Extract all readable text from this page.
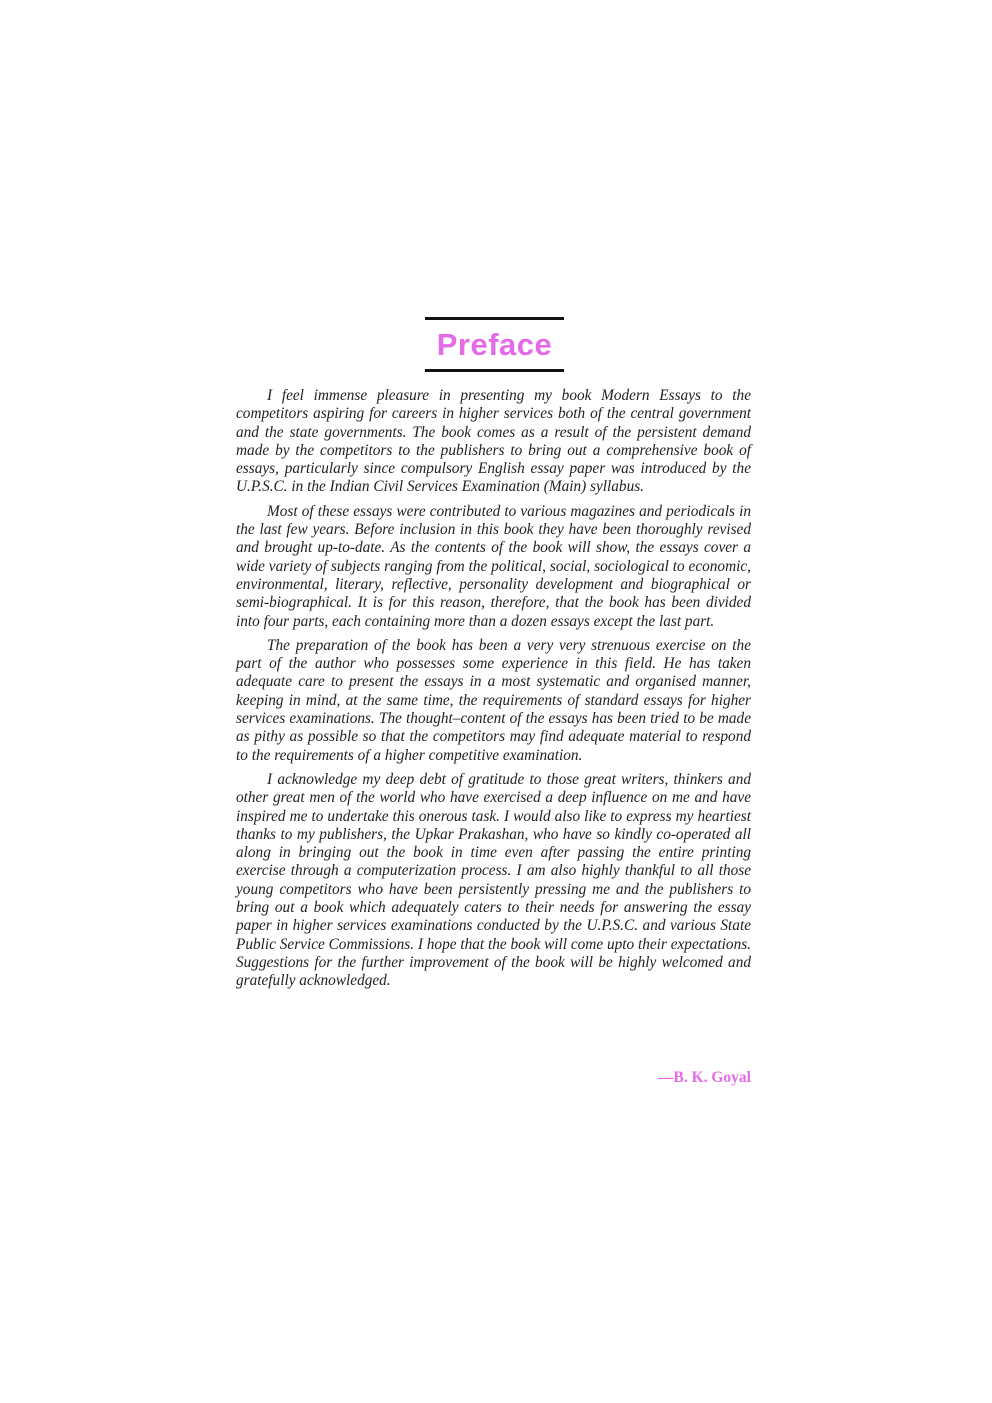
Preface

I feel immense pleasure in presenting my book Modern Essays to the competitors aspiring for careers in higher services both of the central government and the state governments. The book comes as a result of the persistent demand made by the competitors to the publishers to bring out a comprehensive book of essays, particularly since compulsory English essay paper was introduced by the U.P.S.C. in the Indian Civil Services Examination (Main) syllabus.

Most of these essays were contributed to various magazines and periodicals in the last few years. Before inclusion in this book they have been thoroughly revised and brought up-to-date. As the contents of the book will show, the essays cover a wide variety of subjects ranging from the political, social, sociological to economic, environmental, literary, reflective, personality development and biographical or semi-biographical. It is for this reason, therefore, that the book has been divided into four parts, each containing more than a dozen essays except the last part.

The preparation of the book has been a very very strenuous exercise on the part of the author who possesses some experience in this field. He has taken adequate care to present the essays in a most systematic and organised manner, keeping in mind, at the same time, the requirements of standard essays for higher services examinations. The thought–content of the essays has been tried to be made as pithy as possible so that the competitors may find adequate material to respond to the requirements of a higher competitive examination.

I acknowledge my deep debt of gratitude to those great writers, thinkers and other great men of the world who have exercised a deep influence on me and have inspired me to undertake this onerous task. I would also like to express my heartiest thanks to my publishers, the Upkar Prakashan, who have so kindly co-operated all along in bringing out the book in time even after passing the entire printing exercise through a computerization process. I am also highly thankful to all those young competitors who have been persistently pressing me and the publishers to bring out a book which adequately caters to their needs for answering the essay paper in higher services examinations conducted by the U.P.S.C. and various State Public Service Commissions. I hope that the book will come upto their expectations. Suggestions for the further improvement of the book will be highly welcomed and gratefully acknowledged.

—B. K. Goyal
